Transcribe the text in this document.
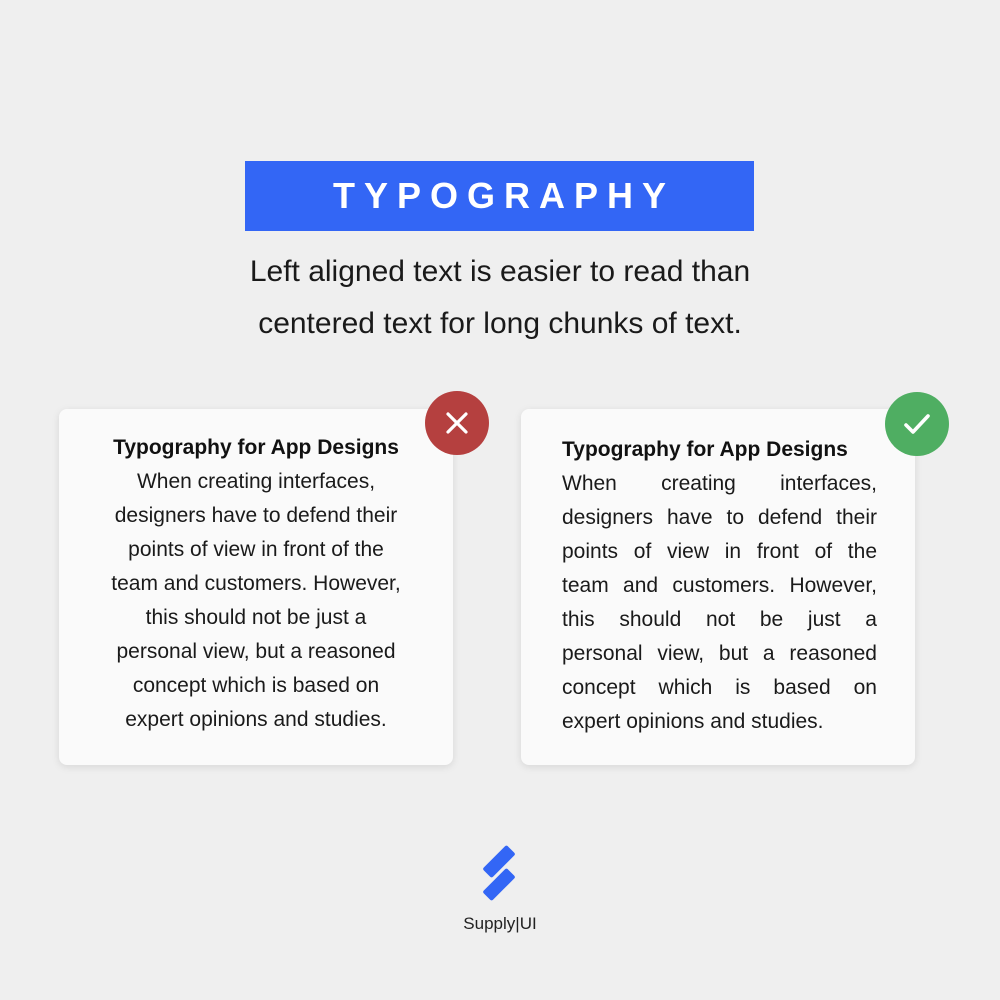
TYPOGRAPHY
Left aligned text is easier to read than
centered text for long chunks of text.
Typography for App Designs
When creating interfaces,
designers have to defend their
points of view in front of the
team and customers. However,
this should not be just a
personal view, but a reasoned
concept which is based on
expert opinions and studies.
Typography for App Designs
When creating interfaces,
designers have to defend their
points of view in front of the
team and customers. However,
this should not be just a
personal view, but a reasoned
concept which is based on
expert opinions and studies.
Supply|UI
